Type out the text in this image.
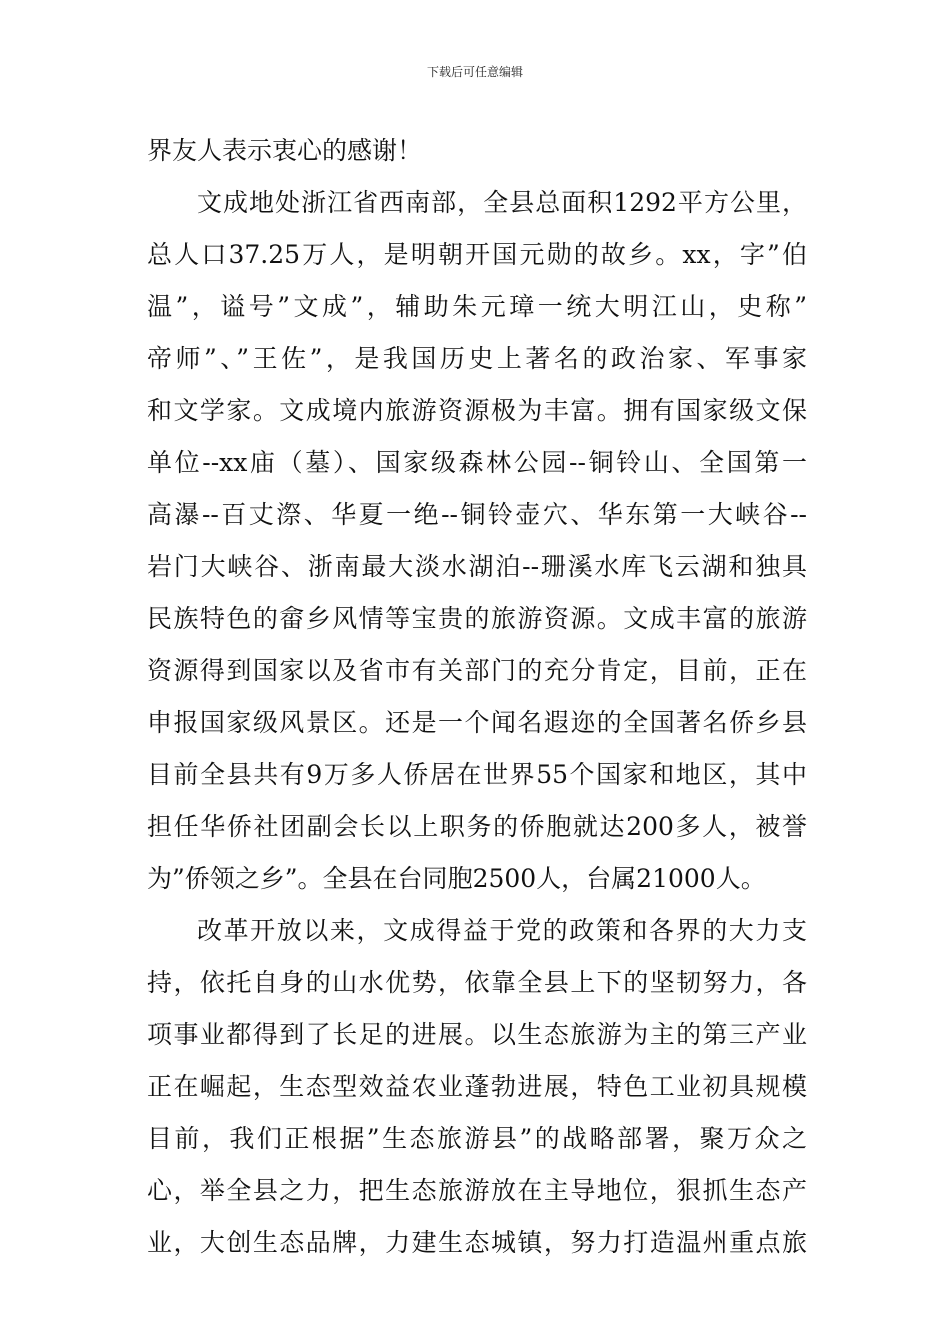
下载后可任意编辑
界友人表示衷心的感谢！
文成地处浙江省西南部，全县总面积1292平方公里，
总人口37.25万人，是明朝开国元勋的故乡。xx，字”伯
温”，谥号”文成”，辅助朱元璋一统大明江山，史称”
帝师”、”王佐”，是我国历史上著名的政治家、军事家
和文学家。文成境内旅游资源极为丰富。拥有国家级文保
单位--xx庙（墓）、国家级森林公园--铜铃山、全国第一
高瀑--百丈漈、华夏一绝--铜铃壶穴、华东第一大峡谷--
岩门大峡谷、浙南最大淡水湖泊--珊溪水库飞云湖和独具
民族特色的畲乡风情等宝贵的旅游资源。文成丰富的旅游
资源得到国家以及省市有关部门的充分肯定，目前，正在
申报国家级风景区。还是一个闻名遐迩的全国著名侨乡县
目前全县共有9万多人侨居在世界55个国家和地区，其中
担任华侨社团副会长以上职务的侨胞就达200多人，被誉
为”侨领之乡”。全县在台同胞2500人，台属21000人。
改革开放以来，文成得益于党的政策和各界的大力支
持，依托自身的山水优势，依靠全县上下的坚韧努力，各
项事业都得到了长足的进展。以生态旅游为主的第三产业
正在崛起，生态型效益农业蓬勃进展，特色工业初具规模
目前，我们正根据”生态旅游县”的战略部署，聚万众之
心，举全县之力，把生态旅游放在主导地位，狠抓生态产
业，大创生态品牌，力建生态城镇，努力打造温州重点旅
